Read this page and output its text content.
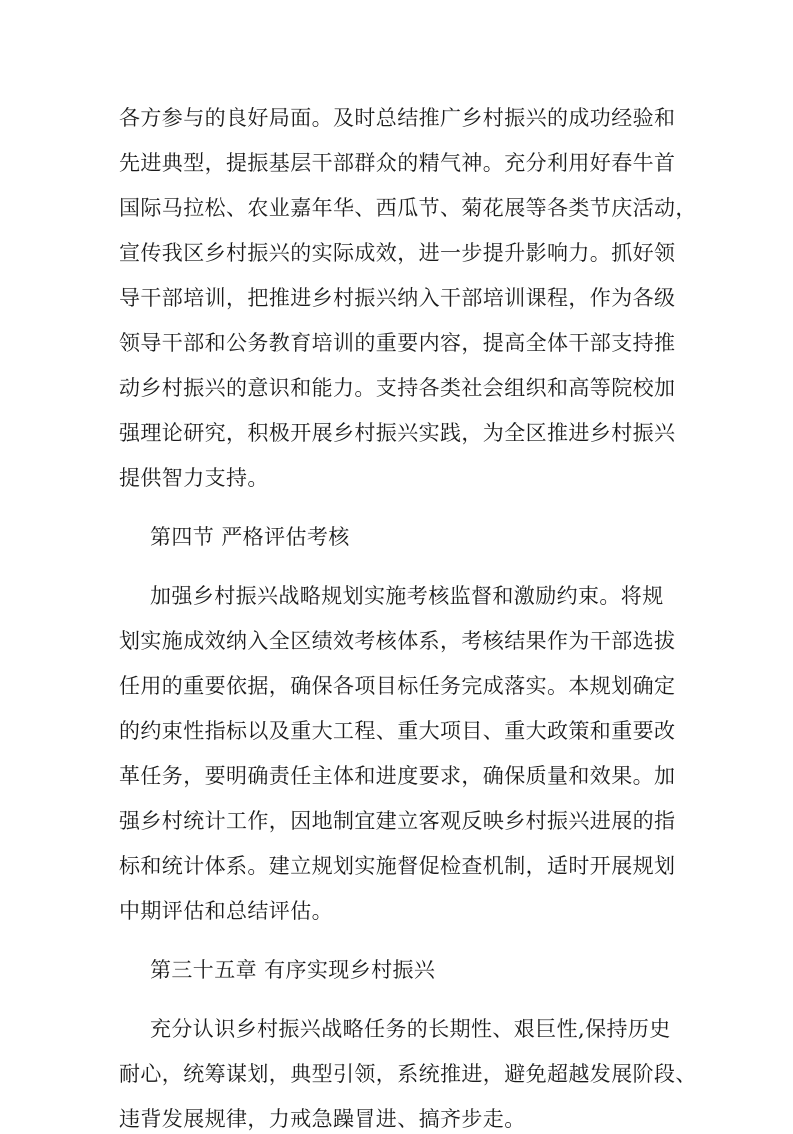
各方参与的良好局面。及时总结推广乡村振兴的成功经验和
先进典型，提振基层干部群众的精气神。充分利用好春牛首
国际马拉松、农业嘉年华、西瓜节、菊花展等各类节庆活动，
宣传我区乡村振兴的实际成效，进一步提升影响力。抓好领
导干部培训，把推进乡村振兴纳入干部培训课程，作为各级
领导干部和公务教育培训的重要内容，提高全体干部支持推
动乡村振兴的意识和能力。支持各类社会组织和高等院校加
强理论研究，积极开展乡村振兴实践，为全区推进乡村振兴
提供智力支持。
第四节 严格评估考核
加强乡村振兴战略规划实施考核监督和激励约束。将规
划实施成效纳入全区绩效考核体系，考核结果作为干部选拔
任用的重要依据，确保各项目标任务完成落实。本规划确定
的约束性指标以及重大工程、重大项目、重大政策和重要改
革任务，要明确责任主体和进度要求，确保质量和效果。加
强乡村统计工作，因地制宜建立客观反映乡村振兴进展的指
标和统计体系。建立规划实施督促检查机制，适时开展规划
中期评估和总结评估。
第三十五章 有序实现乡村振兴
充分认识乡村振兴战略任务的长期性、艰巨性,保持历史
耐心，统筹谋划，典型引领，系统推进，避免超越发展阶段、
违背发展规律，力戒急躁冒进、搞齐步走。
